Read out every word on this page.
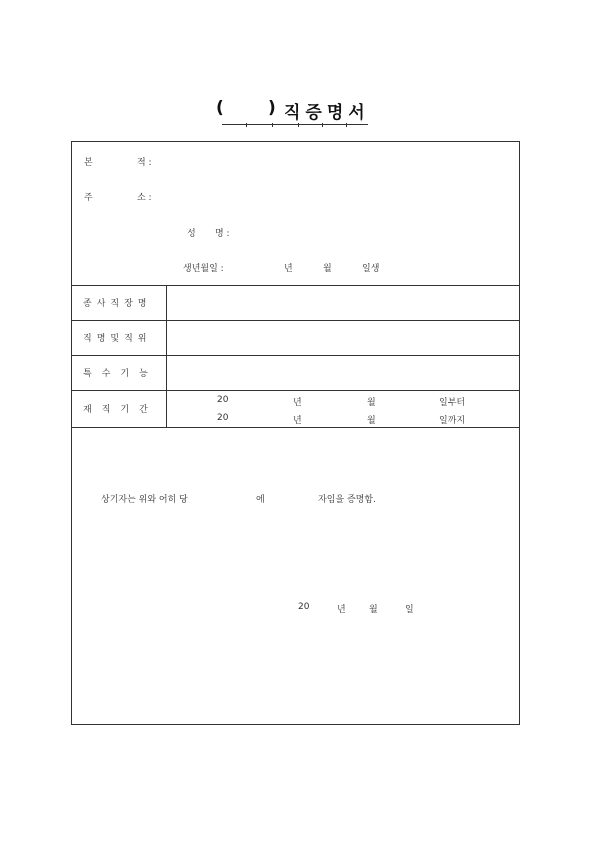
(	) 직증명서
본	적 :
주	소 :
성 명 :
생년월일 :	년	월	일생
종사직장명
직명및직위
특수기능
재직기간
20	년	월	일부터
20	년	월	일까지
상기자는 위와 어히 당	에	자임을 증명함.
20	년	월	일
